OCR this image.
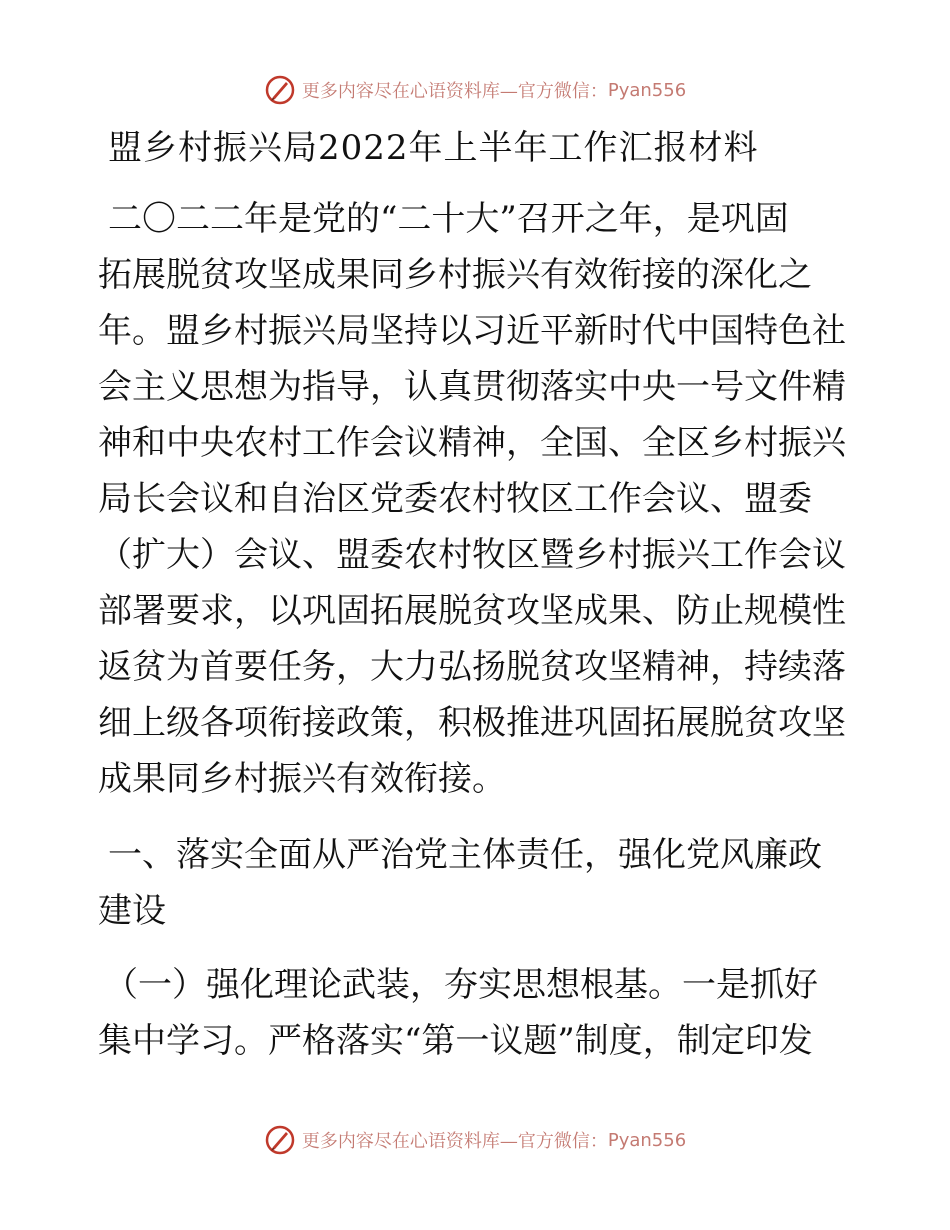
更多内容尽在心语资料库—官方微信： Pyan556
盟乡村振兴局2022年上半年工作汇报材料
二〇二二年是党的“二十大”召开之年，是巩固
拓展脱贫攻坚成果同乡村振兴有效衔接的深化之
年。盟乡村振兴局坚持以习近平新时代中国特色社
会主义思想为指导，认真贯彻落实中央一号文件精
神和中央农村工作会议精神，全国、全区乡村振兴
局长会议和自治区党委农村牧区工作会议、盟委
（扩大）会议、盟委农村牧区暨乡村振兴工作会议
部署要求，以巩固拓展脱贫攻坚成果、防止规模性
返贫为首要任务，大力弘扬脱贫攻坚精神，持续落
细上级各项衔接政策，积极推进巩固拓展脱贫攻坚
成果同乡村振兴有效衔接。
一、落实全面从严治党主体责任，强化党风廉政
建设
（一）强化理论武装，夯实思想根基。一是抓好
集中学习。严格落实“第一议题”制度，制定印发
更多内容尽在心语资料库—官方微信： Pyan556
